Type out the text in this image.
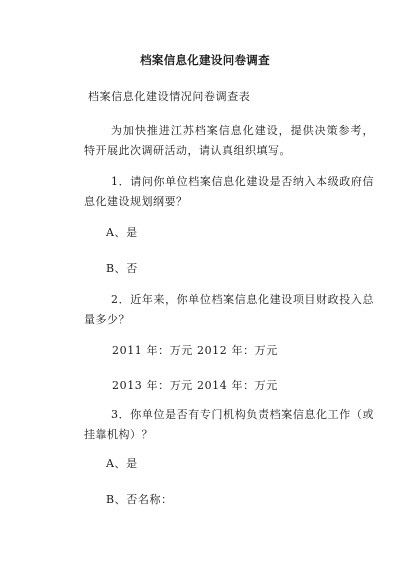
档案信息化建设问卷调查
档案信息化建设情况问卷调查表
为加快推进江苏档案信息化建设，提供决策参考，特开展此次调研活动，请认真组织填写。
1．请问你单位档案信息化建设是否纳入本级政府信息化建设规划纲要？
A、是
B、否
2．近年来，你单位档案信息化建设项目财政投入总量多少？
2011 年：万元 2012 年：万元
2013 年：万元 2014 年：万元
3．你单位是否有专门机构负责档案信息化工作（或挂靠机构）？
A、是
B、否名称：
